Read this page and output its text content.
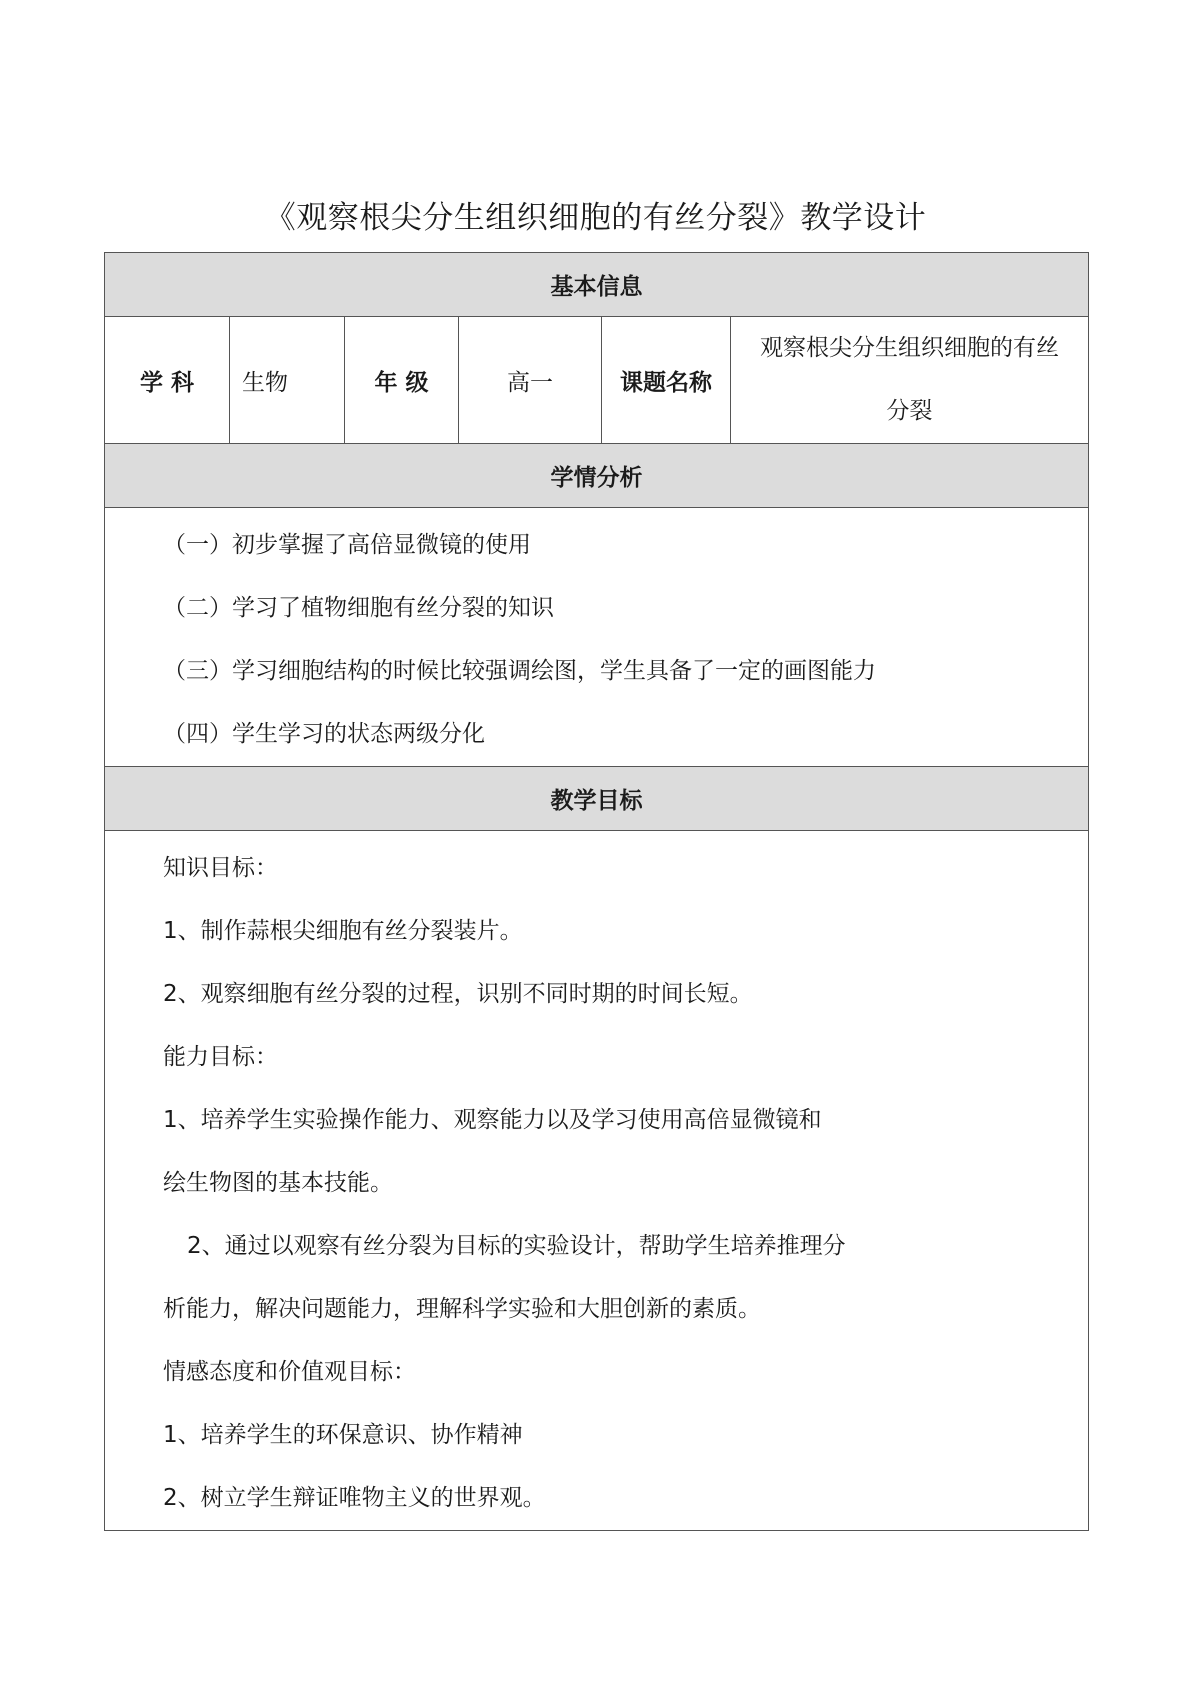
《观察根尖分生组织细胞的有丝分裂》教学设计
基本信息
学 科	生物	年 级	高一	课题名称	
观察根尖分生组织细胞的有丝
分裂

学情分析

（一）初步掌握了高倍显微镜的使用
（二）学习了植物细胞有丝分裂的知识
（三）学习细胞结构的时候比较强调绘图，学生具备了一定的画图能力
（四）学生学习的状态两级分化

教学目标

知识目标：
1、制作蒜根尖细胞有丝分裂装片。
2、观察细胞有丝分裂的过程，识别不同时期的时间长短。
能力目标：
1、培养学生实验操作能力、观察能力以及学习使用高倍显微镜和
绘生物图的基本技能。
2、通过以观察有丝分裂为目标的实验设计，帮助学生培养推理分
析能力，解决问题能力，理解科学实验和大胆创新的素质。
情感态度和价值观目标：
1、培养学生的环保意识、协作精神
2、树立学生辩证唯物主义的世界观。
